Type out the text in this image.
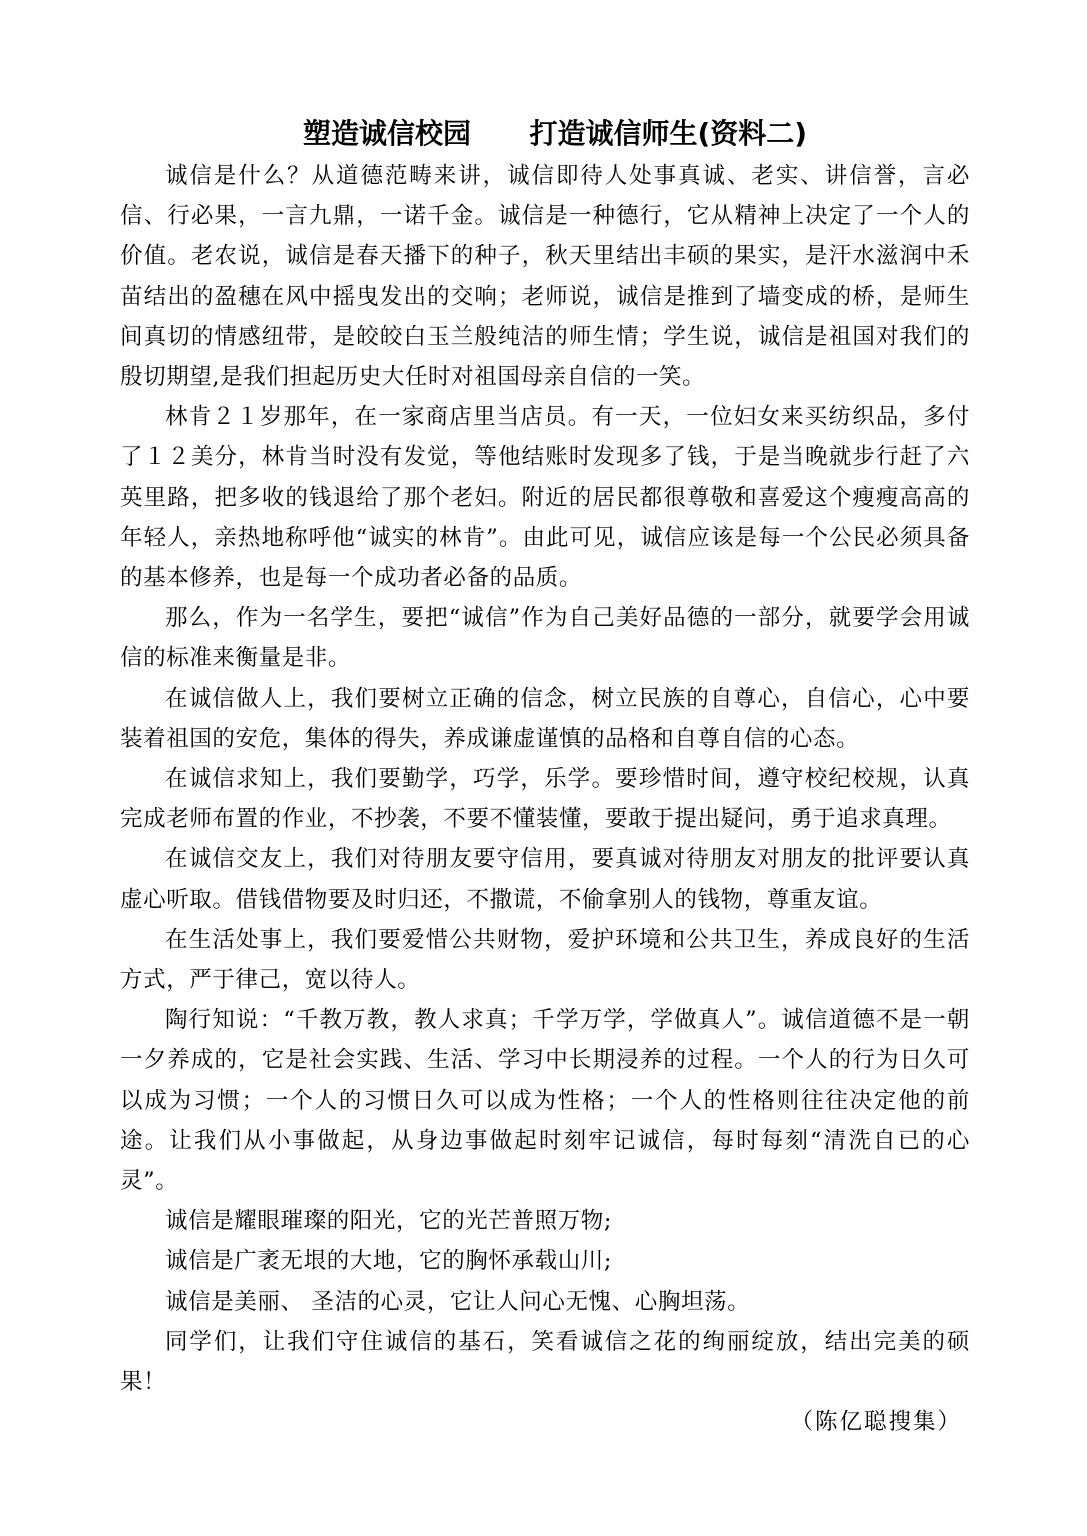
塑造诚信校园      打造诚信师生(资料二)

诚信是什么？从道德范畴来讲，诚信即待人处事真诚、老实、讲信誉，言必信、行必果，一言九鼎，一诺千金。诚信是一种德行，它从精神上决定了一个人的价值。老农说，诚信是春天播下的种子，秋天里结出丰硕的果实，是汗水滋润中禾苗结出的盈穗在风中摇曳发出的交响；老师说，诚信是推到了墙变成的桥，是师生间真切的情感纽带，是皎皎白玉兰般纯洁的师生情；学生说，诚信是祖国对我们的殷切期望,是我们担起历史大任时对祖国母亲自信的一笑。

林肯２１岁那年，在一家商店里当店员。有一天，一位妇女来买纺织品，多付了１２美分，林肯当时没有发觉，等他结账时发现多了钱，于是当晚就步行赶了六英里路，把多收的钱退给了那个老妇。附近的居民都很尊敬和喜爱这个瘦瘦高高的年轻人，亲热地称呼他“诚实的林肯”。由此可见，诚信应该是每一个公民必须具备的基本修养，也是每一个成功者必备的品质。

那么，作为一名学生，要把“诚信”作为自己美好品德的一部分，就要学会用诚信的标准来衡量是非。

在诚信做人上，我们要树立正确的信念，树立民族的自尊心，自信心，心中要装着祖国的安危，集体的得失，养成谦虚谨慎的品格和自尊自信的心态。

在诚信求知上，我们要勤学，巧学，乐学。要珍惜时间，遵守校纪校规，认真完成老师布置的作业，不抄袭，不要不懂装懂，要敢于提出疑问，勇于追求真理。

在诚信交友上，我们对待朋友要守信用，要真诚对待朋友对朋友的批评要认真虚心听取。借钱借物要及时归还，不撒谎，不偷拿别人的钱物，尊重友谊。

在生活处事上，我们要爱惜公共财物，爱护环境和公共卫生，养成良好的生活方式，严于律己，宽以待人。

陶行知说：“千教万教，教人求真；千学万学，学做真人”。诚信道德不是一朝一夕养成的，它是社会实践、生活、学习中长期浸养的过程。一个人的行为日久可以成为习惯；一个人的习惯日久可以成为性格；一个人的性格则往往决定他的前途。让我们从小事做起，从身边事做起时刻牢记诚信，每时每刻“清洗自已的心灵”。

诚信是耀眼璀璨的阳光，它的光芒普照万物;

诚信是广袤无垠的大地，它的胸怀承载山川;

诚信是美丽、 圣洁的心灵，它让人问心无愧、心胸坦荡。

同学们，让我们守住诚信的基石，笑看诚信之花的绚丽绽放，结出完美的硕果！

（陈亿聪搜集）
